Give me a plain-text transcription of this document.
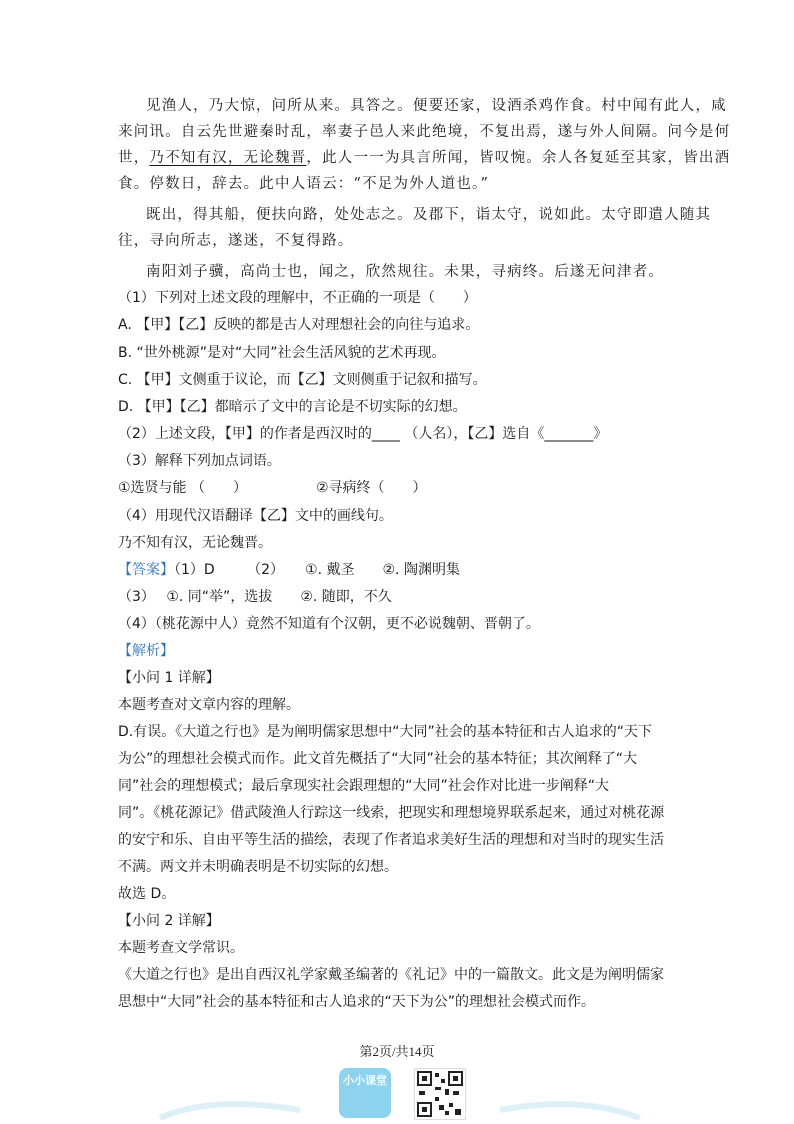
见渔人，乃大惊，问所从来。具答之。便要还家，设酒杀鸡作食。村中闻有此人，咸
来问讯。自云先世避秦时乱，率妻子邑人来此绝境，不复出焉，遂与外人间隔。问今是何
世，乃不知有汉，无论魏晋，此人一一为具言所闻，皆叹惋。余人各复延至其家，皆出酒
食。停数日，辞去。此中人语云：“不足为外人道也。”
既出，得其船，便扶向路，处处志之。及郡下，诣太守，说如此。太守即遣人随其
往，寻向所志，遂迷，不复得路。
南阳刘子骥，高尚士也，闻之，欣然规往。未果，寻病终。后遂无问津者。
（1）下列对上述文段的理解中，不正确的一项是（　　）
A. 【甲】【乙】反映的都是古人对理想社会的向往与追求。
B. “世外桃源”是对“大同”社会生活风貌的艺术再现。
C. 【甲】文侧重于议论，而【乙】文则侧重于记叙和描写。
D. 【甲】【乙】都暗示了文中的言论是不切实际的幻想。
（2）上述文段，【甲】的作者是西汉时的____ （人名），【乙】选自《_______》
（3）解释下列加点词语。
①选贤与能 （　　）	②寻病终（　　）
（4）用现代汉语翻译【乙】文中的画线句。
乃不知有汉，无论魏晋。
【答案】（1）D　　 （2）　　①. 戴圣　　②. 陶渊明集
（3）　 ①. 同“举”，选拔　　②. 随即，不久
（4）（桃花源中人）竟然不知道有个汉朝，更不必说魏朝、晋朝了。
【解析】
【小问 1 详解】
本题考查对文章内容的理解。
D.有误。《大道之行也》是为阐明儒家思想中“大同”社会的基本特征和古人追求的“天下
为公”的理想社会模式而作。此文首先概括了“大同”社会的基本特征；其次阐释了“大
同”社会的理想模式；最后拿现实社会跟理想的“大同”社会作对比进一步阐释“大
同”。《桃花源记》借武陵渔人行踪这一线索，把现实和理想境界联系起来，通过对桃花源
的安宁和乐、自由平等生活的描绘，表现了作者追求美好生活的理想和对当时的现实生活
不满。两文并未明确表明是不切实际的幻想。
故选 D。
【小问 2 详解】
本题考查文学常识。
《大道之行也》是出自西汉礼学家戴圣编著的《礼记》中的一篇散文。此文是为阐明儒家
思想中“大同”社会的基本特征和古人追求的“天下为公”的理想社会模式而作。
第2页/共14页
小小课堂
